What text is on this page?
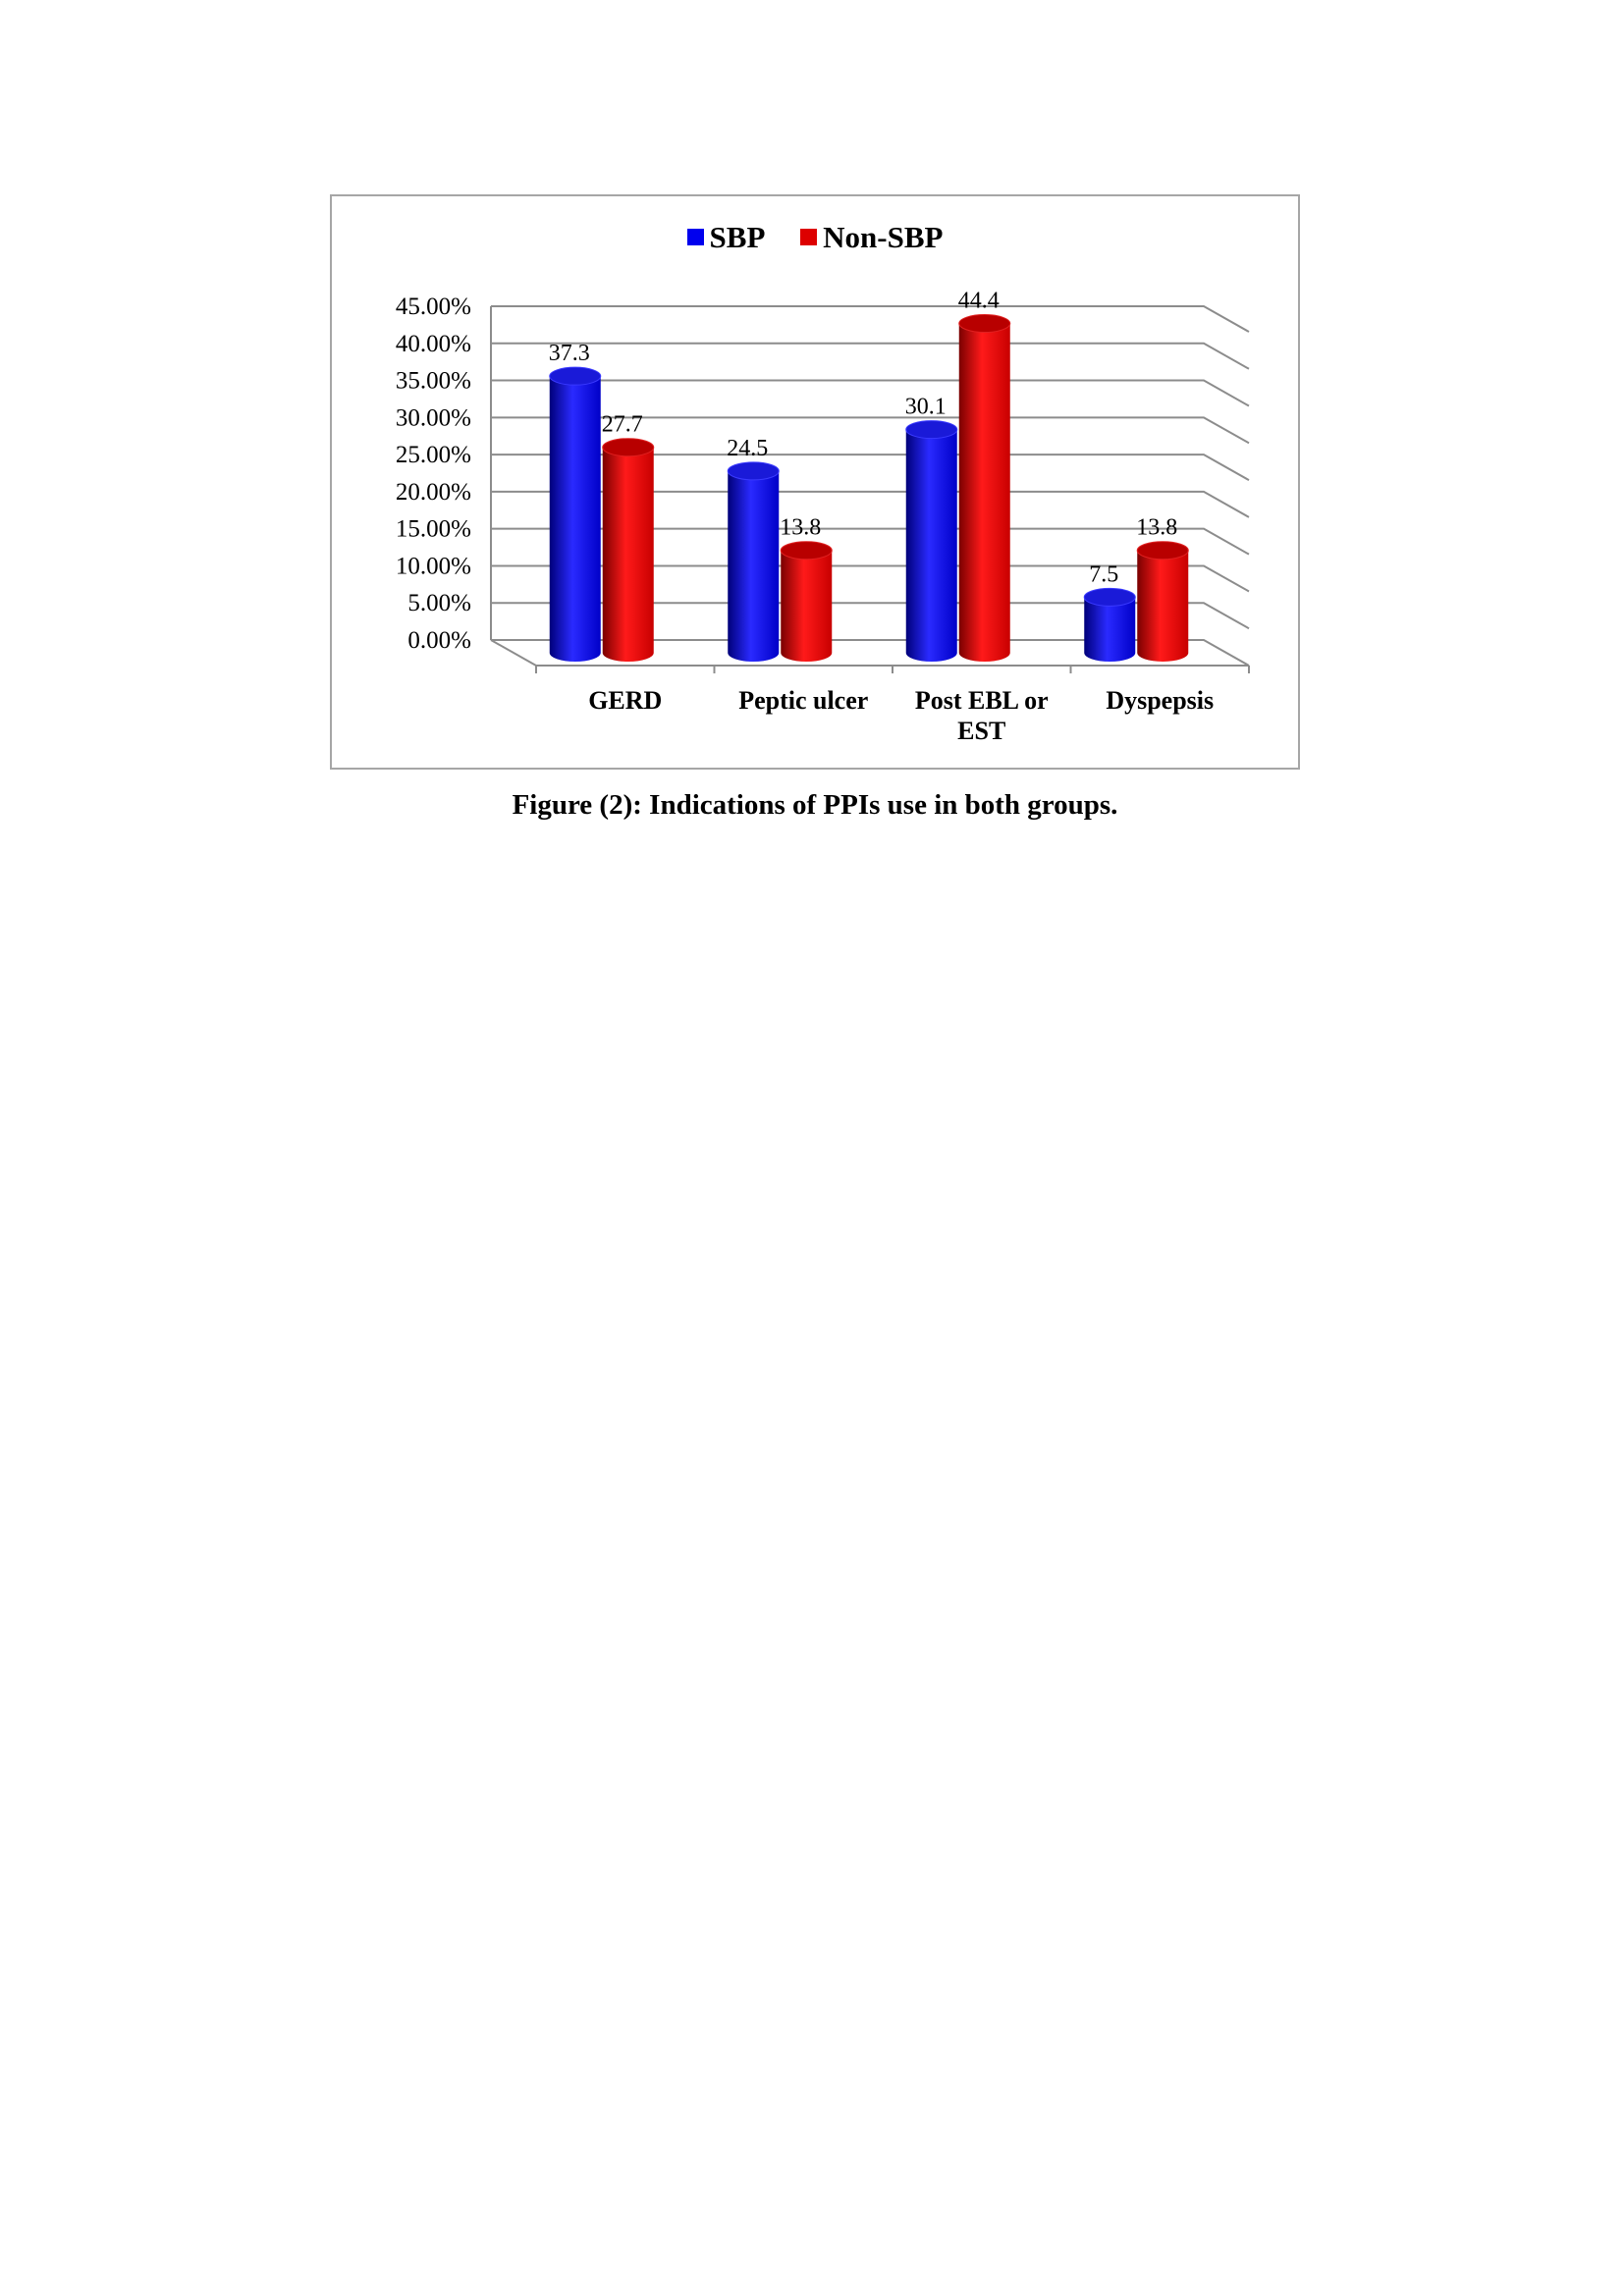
SBP Non-SBP
0.00%
5.00%
10.00%
15.00%
20.00%
25.00%
30.00%
35.00%
40.00%
45.00%
37.3
27.7
GERD
24.5
13.8
Peptic ulcer
30.1
44.4
Post EBL or
EST
7.5
13.8
Dyspepsis
Figure (2): Indications of PPIs use in both groups.
